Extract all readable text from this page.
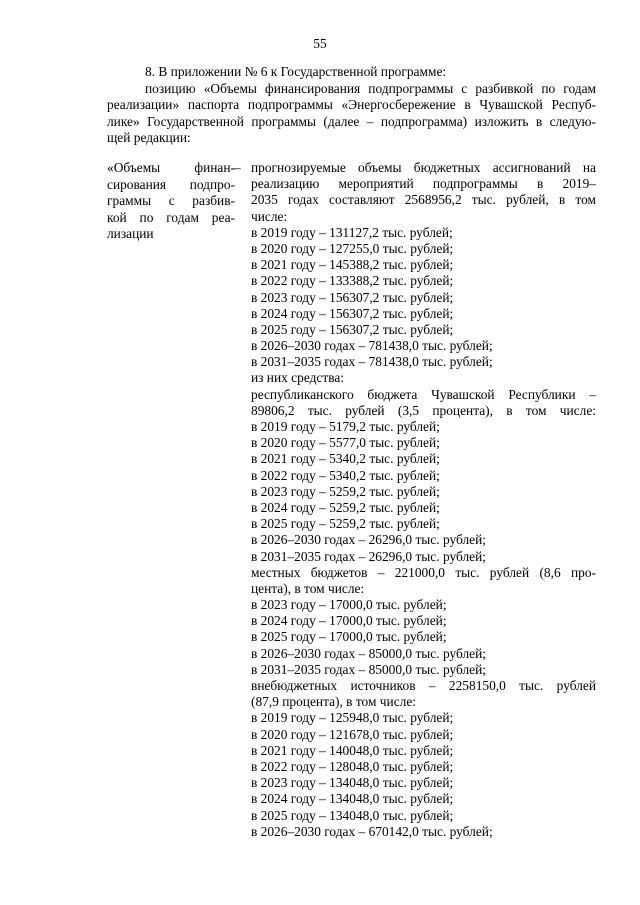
55
8. В приложении № 6 к Государственной программе:
позицию «Объемы финансирования подпрограммы с разбивкой по годам
реализации» паспорта подпрограммы «Энергосбережение в Чувашской Респуб-
лике» Государственной программы (далее – подпрограмма) изложить в следую-
щей редакции:
«Объемы финан-
сирования подпро-
граммы с разбив-
кой по годам реа-
лизации
– прогнозируемые объемы бюджетных ассигнований на
реализацию мероприятий подпрограммы в 2019–
2035 годах составляют 2568956,2 тыс. рублей, в том
числе:
в 2019 году – 131127,2 тыс. рублей;
в 2020 году – 127255,0 тыс. рублей;
в 2021 году – 145388,2 тыс. рублей;
в 2022 году – 133388,2 тыс. рублей;
в 2023 году – 156307,2 тыс. рублей;
в 2024 году – 156307,2 тыс. рублей;
в 2025 году – 156307,2 тыс. рублей;
в 2026–2030 годах – 781438,0 тыс. рублей;
в 2031–2035 годах – 781438,0 тыс. рублей;
из них средства:
республиканского бюджета Чувашской Республики –
89806,2 тыс. рублей (3,5 процента), в том числе:
в 2019 году – 5179,2 тыс. рублей;
в 2020 году – 5577,0 тыс. рублей;
в 2021 году – 5340,2 тыс. рублей;
в 2022 году – 5340,2 тыс. рублей;
в 2023 году – 5259,2 тыс. рублей;
в 2024 году – 5259,2 тыс. рублей;
в 2025 году – 5259,2 тыс. рублей;
в 2026–2030 годах – 26296,0 тыс. рублей;
в 2031–2035 годах – 26296,0 тыс. рублей;
местных бюджетов – 221000,0 тыс. рублей (8,6 про-
цента), в том числе:
в 2023 году – 17000,0 тыс. рублей;
в 2024 году – 17000,0 тыс. рублей;
в 2025 году – 17000,0 тыс. рублей;
в 2026–2030 годах – 85000,0 тыс. рублей;
в 2031–2035 годах – 85000,0 тыс. рублей;
внебюджетных источников – 2258150,0 тыс. рублей
(87,9 процента), в том числе:
в 2019 году – 125948,0 тыс. рублей;
в 2020 году – 121678,0 тыс. рублей;
в 2021 году – 140048,0 тыс. рублей;
в 2022 году – 128048,0 тыс. рублей;
в 2023 году – 134048,0 тыс. рублей;
в 2024 году – 134048,0 тыс. рублей;
в 2025 году – 134048,0 тыс. рублей;
в 2026–2030 годах – 670142,0 тыс. рублей;
